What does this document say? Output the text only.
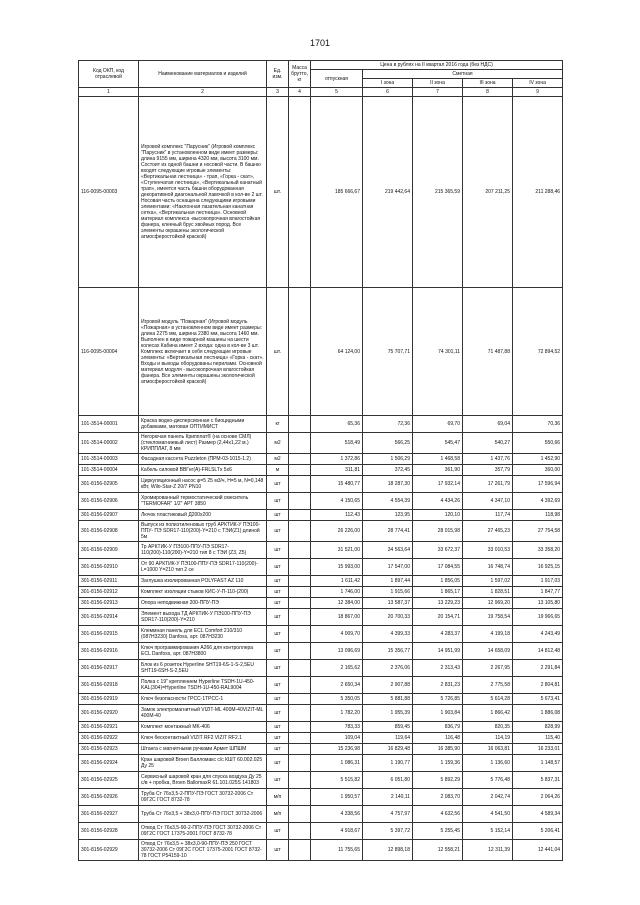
1701
Код ОКП, код отраслевой	Наименование материалов и изделий	Ед. изм.	Масса брутто, кг	Цена в рублях на II квартал 2016 года (без НДС)				
				отпускная	Сметная			
					I зона	II зона	III зона	IV зона
1	2	3	4	5	6	7	8	9
116-0095-00003	Игровой комплекс "Парусник" (Игровой комплекс "Парусник" в установленном виде имеет размеры: длина 9155 мм, ширина 4320 мм, высота 3100 мм. Состоит из одной башни и носовой части. В башню входят следующие игровые элементы: «Вертикальная лестница» - трап, «Горка - скат», «Ступенчатая лестница», «Вертикальный канатный трап», имеется часть башни оборудованная декоративной диагональной лавочкой в кол-ве 2 шт. Носовая часть оснащена следующими игровыми элементами: «Наклонная лазательная канатная сетка», «Вертикальная лестница». Основной материал комплекса -высокопрочная влагостойкая фанера, клееный брус хвойных пород. Все элементы окрашены экологической атмосферостойкой краской)	шт.		185 666,67	219 442,64	215 365,59	207 211,25	211 288,46
116-0095-00004	Игровой модуль "Пожарная" (Игровой модуль «Пожарная» в установленном виде имеет размеры: длина 2275 мм, ширина 2380 мм, высота 1460 мм. Выполнен в виде пожарной машины на шести колесах Кабина имеет 2 входа: одна в кол-ве 3 шт. Комплекс включает в себя следующие игровые элементы: «Вертикальная лестница» «Горка - скат». Входы и выходы оборудованы перилами. Основной материал модуля - высокопрочная влагостойкая фанера. Все элементы окрашены экологической атмосферостойкой краской)	шт.		64 124,00	75 707,71	74 301,11	71 487,88	72 894,52
101-3514-00001	Краска водно-дисперсионная с биоцидными добавками, матовая ОПТИМИСТ	кг		65,36	72,36	69,70	69,04	70,36
101-3514-00002	Негорючая панель Крипплат® (на основе СМЛ) (стекломагниевый лист) Размер (2,44х1,22 м.) КРИППЛАТ, 8 мм	м2		518,49	566,25	545,47	540,27	550,66
101-3514-00003	Фасадная кассета Puzzleton (ПРМ-03-1015-1.2)	м2		1 372,86	1 506,29	1 468,58	1 437,76	1 452,90
101-3514-00004	Кабель силовой ВВГнг(А)-FRLSLTх 5х6	м		311,81	372,45	361,90	357,79	360,00
301-8156-02905	Циркуляционный насос φ=5 25 м3/ч, H=5 м, N=0,148 кВт, Wilo-Star-Z 20/7 PN10	шт		15 480,77	18 287,30	17 932,14	17 261,79	17 596,94
301-8156-02906	Хромированный термостатический смеситель "TERMOFAR" 1/2" АРТ 3850	шт		4 150,65	4 554,39	4 434,26	4 347,10	4 392,69
301-8156-02907	Лючок пластиковый Д200х200	шт		112,43	123,95	120,10	117,74	118,98
301-8156-02908	Выпуск из полиэтиленовых труб АРКТИК-У ПЭ100-ППУ- ПЭ SDR17-110(200)-Y=210 с ТЭИ(Z1) длиной 5м	шт		26 226,00	28 774,41	28 015,98	27 465,23	27 754,58
301-8156-02909	Тр АРКТИК-У ПЭ100-ППУ-ПЭ SDR17-110(200)-110(200)-Y=210 тип 8 с ТЭИ (Z3, Z5)	шт		31 521,00	34 563,64	33 672,37	33 010,53	33 358,20
301-8156-02910	От 90 АРКТИК-У ПЭ100-ППУ-ПЭ SDR17-110(200)-L=1000 Y=210 тип 2 се	шт		15 993,00	17 547,00	17 084,55	16 748,74	16 925,15
301-8156-02911	Заглушка изолированная POLYFAST AZ 110	шт		1 611,42	1 897,44	1 856,05	1 597,02	1 917,03
301-8156-02912	Комплект изоляции стыков КИС-У-П-110-(200)	шт		1 746,00	1 915,66	1 865,17	1 828,51	1 847,77
301-8156-02913	Опора неподвижная 200-ППУ-ПЭ	шт		12 384,00	13 587,37	13 229,23	12 969,20	13 105,80
301-8156-02914	Элемент выхода ТД АРКТИК-У ПЭ100-ППУ-ПЭ SDR17-110(200)-Y=210	шт		18 867,00	20 700,33	20 154,71	19 758,54	19 966,65
301-8156-02915	Клеммная панель для ECL Comfort 210/310 (087H3230) Danfoss, арт. 087H3230	шт		4 009,70	4 399,33	4 283,37	4 199,18	4 243,49
301-8156-02916	Ключ программирования A266 для контроллера ECL Danfoss, арт. 087H3800	шт		13 096,69	15 356,77	14 951,99	14 658,09	14 812,48
301-8156-02917	Блок из 6 розеток Hyperline SHT19-6S-1-S-2,5EU SHT19-6SH-S-2,5EU	шт		2 165,62	2 376,06	2 313,43	2 267,95	2 291,84
301-8156-02918	Полка с 19" креплением Hyperline TSDH-1U-450-KAL(304)=Hyperline TSDH-1U-450-RAL9004	шт		2 650,34	2 907,88	2 831,23	2 775,58	2 804,81
301-8156-02919	Ключ безопасности ГРСС-1ТРСС-1	шт		5 350,05	5 881,88	5 726,85	5 614,28	5 673,41
301-8156-02920	Замок электромагнитный VIZIT-ML 400M-40VIZIT-ML 400M-40	шт		1 782,20	1 955,39	1 903,84	1 866,42	1 886,08
301-8156-02921	Комплект монтажный MK-406	шт		783,33	859,45	836,79	820,35	828,99
301-8156-02922	Ключ бесконтактный VIZIT RF2 VIZIT RF2.1	шт		109,04	119,64	116,48	114,19	115,40
301-8156-02923	Штанга с магнитными ручками Армет ШПШМ	шт		15 236,98	16 829,48	16 385,90	16 063,81	16 233,01
301-8156-02924	Кран шаровой Broen Балломакс с/с КШТ 60.002.025 Ду 25	шт		1 086,31	1 190,77	1 159,36	1 136,60	1 148,57
301-8156-02925	Сервисный шаровой кран для спуска воздуха Ду 25 с/в + пробка, Broen BallomaxR 61.101.025S 141803	шт		5 515,82	6 051,80	5 892,29	5 776,48	5 837,31
301-8156-02926	Труба Ст 76х3,5-2-ППУ-ПЭ ГОСТ 30732-2006 Ст 09Г2С ГОСТ 8732-78	м/п		1 950,57	2 140,11	2 083,70	2 042,74	2 064,26
301-8156-02927	Труба Ст 76х3,5 + 38х3,0-ППУ-ПЭ ГОСТ 30732-2006	м/п		4 338,56	4 757,97	4 632,56	4 541,50	4 589,34
301-8156-02928	Отвод Ст 76х3,5-90-2-ППУ-ПЭ ГОСТ 30732-2006 Ст 09Г2С ГОСТ 17375-2001 ГОСТ 8732-78	шт		4 918,67	5 397,72	5 255,45	5 152,14	5 206,41
301-8156-02929	Отвод Ст 76х3,5 + 38х3,0-90-ППУ-ПЭ 250 ГОСТ 30732-2006 Ст 09Г2С ГОСТ 17375-2001 ГОСТ 8732-78 ГОСТ Р54159-10	шт		11 755,65	12 898,18	12 558,21	12 311,39	12 441,04
